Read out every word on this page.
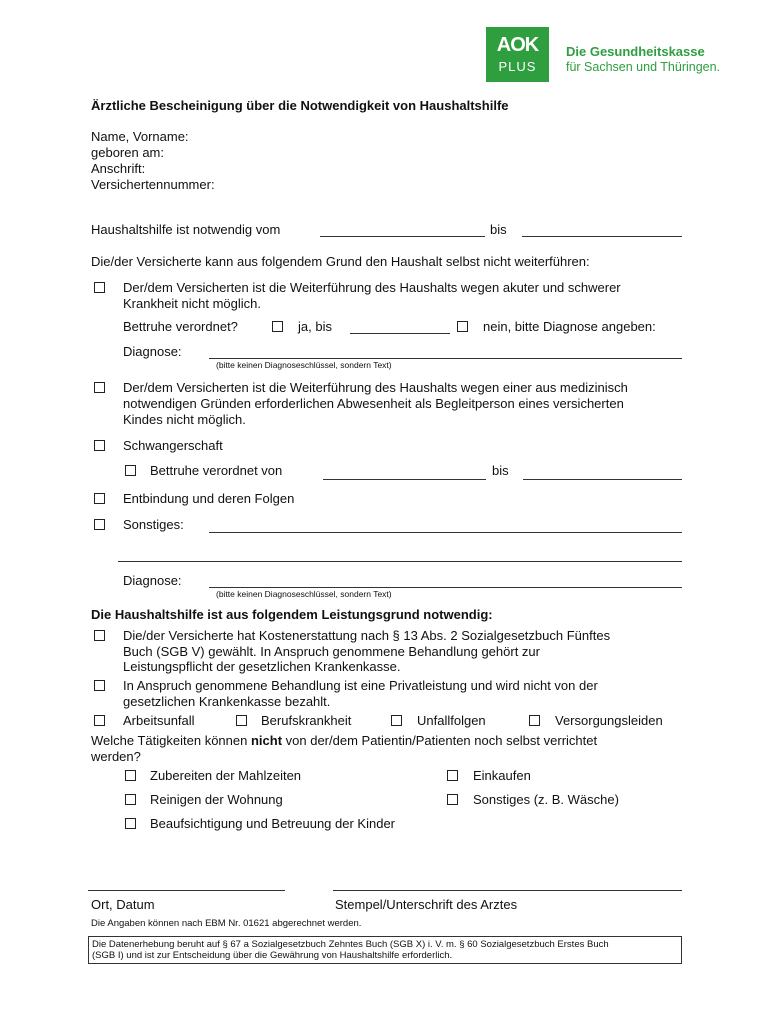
AOK
PLUS
Die Gesundheitskasse
für Sachsen und Thüringen.
Ärztliche Bescheinigung über die Notwendigkeit von Haushaltshilfe
Name, Vorname:
geboren am:
Anschrift:
Versichertennummer:
Haushaltshilfe ist notwendig vom	bis
Die/der Versicherte kann aus folgendem Grund den Haushalt selbst nicht weiterführen:
Der/dem Versicherten ist die Weiterführung des Haushalts wegen akuter und schwerer
Krankheit nicht möglich.
Bettruhe verordnet?	ja, bis	nein, bitte Diagnose angeben:
Diagnose:
(bitte keinen Diagnoseschlüssel, sondern Text)
Der/dem Versicherten ist die Weiterführung des Haushalts wegen einer aus medizinisch
notwendigen Gründen erforderlichen Abwesenheit als Begleitperson eines versicherten
Kindes nicht möglich.
Schwangerschaft
Bettruhe verordnet von	bis
Entbindung und deren Folgen
Sonstiges:
Diagnose:
(bitte keinen Diagnoseschlüssel, sondern Text)
Die Haushaltshilfe ist aus folgendem Leistungsgrund notwendig:
Die/der Versicherte hat Kostenerstattung nach § 13 Abs. 2 Sozialgesetzbuch Fünftes
Buch (SGB V) gewählt. In Anspruch genommene Behandlung gehört zur
Leistungspflicht der gesetzlichen Krankenkasse.
In Anspruch genommene Behandlung ist eine Privatleistung und wird nicht von der
gesetzlichen Krankenkasse bezahlt.
Arbeitsunfall	Berufskrankheit	Unfallfolgen	Versorgungsleiden
Welche Tätigkeiten können nicht von der/dem Patientin/Patienten noch selbst verrichtet
werden?
Zubereiten der Mahlzeiten	Einkaufen
Reinigen der Wohnung	Sonstiges (z. B. Wäsche)
Beaufsichtigung und Betreuung der Kinder
Ort, Datum	Stempel/Unterschrift des Arztes
Die Angaben können nach EBM Nr. 01621 abgerechnet werden.
Die Datenerhebung beruht auf § 67 a Sozialgesetzbuch Zehntes Buch (SGB X) i. V. m. § 60 Sozialgesetzbuch Erstes Buch
(SGB I) und ist zur Entscheidung über die Gewährung von Haushaltshilfe erforderlich.
